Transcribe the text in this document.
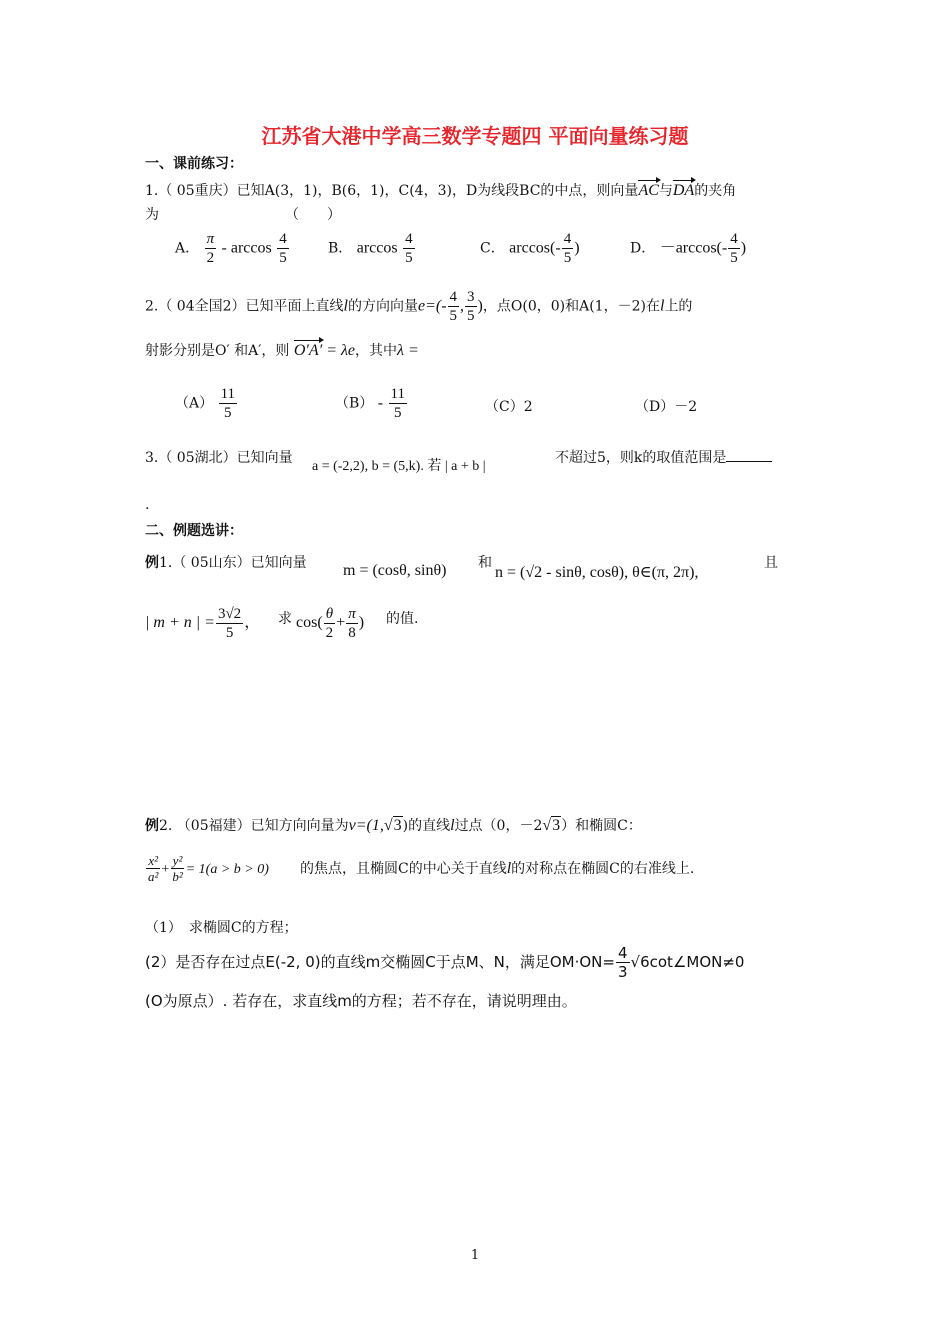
江苏省大港中学高三数学专题四 平面向量练习题
一、课前练习：
1.（ 05重庆）已知A(3，1)，B(6，1)，C(4，3)，D为线段BC的中点，则向量AC与DA的夹角
为	（　　）
A． $\frac{\pi}{2}$ - $\arccos \frac{4}{5}$	B． $\arccos \frac{4}{5}$	C． $\arccos(- \frac{4}{5}$ )	D． $-\arccos(- \frac{4}{5}$ )
2.（ 04全国2）已知平面上直线l的方向向量$e=(- \frac{4}{5}$ , $\frac{3}{5}$ )，点O(0，0)和A(1，－2)在l上的
射影分别是O′ 和A′，则 O′A′ = λe，其中λ =
$(A) \frac{11}{5}$	$(B) - \frac{11}{5}$	（C）2	（D）－2
3.（ 05湖北）已知向量
a = (-2,2), b = (5,k). 若 | a + b |
不超过5，则k的取值范围是
.
二、例题选讲：
例1.（ 05山东）已知向量 m = (cosθ, sinθ) 和
n = (√2 - sinθ, cosθ), θ∈(π, 2π),
且
| m + n | = $\frac{3√2}{5}$ ， 求 $\cos( \frac{\theta}{2} + \frac{\pi}{8}$ ) 的值.
例2. （05福建）已知方向向量为v=(1,√3)的直线l过点（0，－2√3）和椭圆C：
$\frac{\text{x²}}{\text{a²}} + \frac{\text{y²}}{\text{b²}} = 1(a > b > 0)$ 的焦点，且椭圆C的中心关于直线l的对称点在椭圆C的右准线上.
（1）　求椭圆C的方程；
(2）是否存在过点E(-2, 0)的直线m交椭圆C于点M、N，满足$OM\cdot ON= \frac{4}{3}$ √6cot∠MON≠0
(O为原点）. 若存在，求直线m的方程；若不存在，请说明理由。
1
